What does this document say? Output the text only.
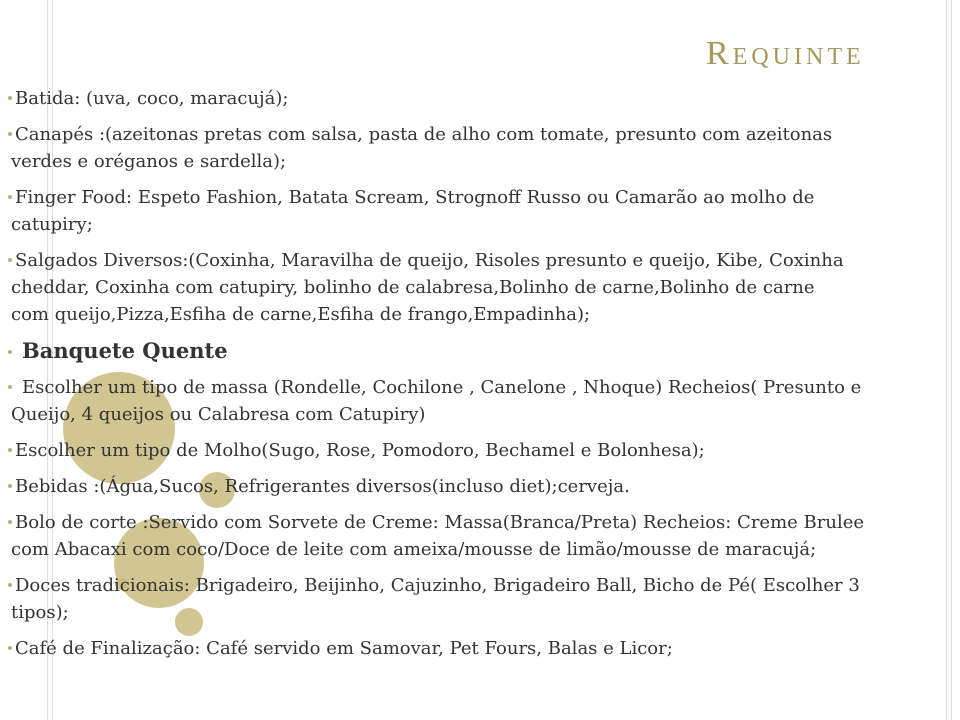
Requinte
Batida: (uva, coco, maracujá);
Canapés :(azeitonas pretas com salsa, pasta de alho com tomate, presunto com azeitonas
verdes e oréganos e sardella);
Finger Food: Espeto Fashion, Batata Scream, Strognoff Russo ou Camarão ao molho de
catupiry;
Salgados Diversos:(Coxinha, Maravilha de queijo, Risoles presunto e queijo, Kibe, Coxinha
cheddar, Coxinha com catupiry, bolinho de calabresa,Bolinho de carne,Bolinho de carne
com queijo,Pizza,Esfiha de carne,Esfiha de frango,Empadinha);
Banquete Quente
Escolher um tipo de massa (Rondelle, Cochilone , Canelone , Nhoque) Recheios( Presunto e
Queijo, 4 queijos ou Calabresa com Catupiry)
Escolher um tipo de Molho(Sugo, Rose, Pomodoro, Bechamel e Bolonhesa);
Bebidas :(Água,Sucos, Refrigerantes diversos(incluso diet);cerveja.
Bolo de corte :Servido com Sorvete de Creme: Massa(Branca/Preta) Recheios: Creme Brulee
com Abacaxi com coco/Doce de leite com ameixa/mousse de limão/mousse de maracujá;
Doces tradicionais: Brigadeiro, Beijinho, Cajuzinho, Brigadeiro Ball, Bicho de Pé( Escolher 3
tipos);
Café de Finalização: Café servido em Samovar, Pet Fours, Balas e Licor;
